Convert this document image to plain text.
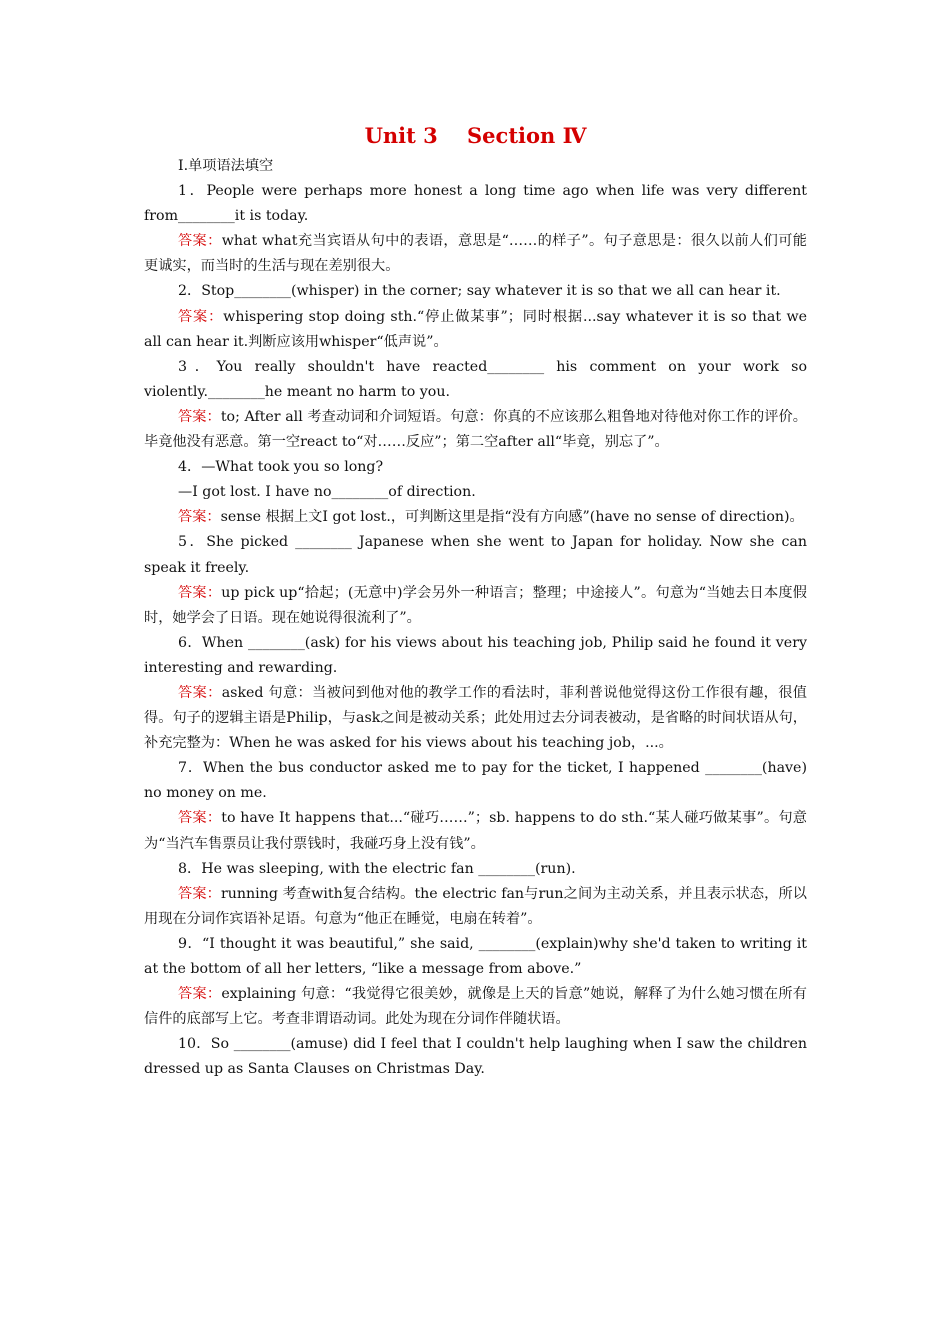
Unit 3    Section Ⅳ
Ⅰ.单项语法填空
1．People were perhaps more honest a long time ago when life was very different from________it is today.
答案：what what充当宾语从句中的表语，意思是“……的样子”。句子意思是：很久以前人们可能更诚实，而当时的生活与现在差别很大。
2．Stop________(whisper) in the corner; say whatever it is so that we all can hear it.
答案：whispering stop doing sth.“停止做某事”；同时根据...say whatever it is so that we all can hear it.判断应该用whisper“低声说”。
3．You really shouldn't have reacted________ his comment on your work so violently.________he meant no harm to you.
答案：to; After all 考查动词和介词短语。句意：你真的不应该那么粗鲁地对待他对你工作的评价。毕竟他没有恶意。第一空react to“对……反应”；第二空after all“毕竟，别忘了”。
4．—What took you so long?
—I got lost. I have no________of direction.
答案：sense 根据上文I got lost.，可判断这里是指“没有方向感”(have no sense of direction)。
5．She picked ________ Japanese when she went to Japan for holiday. Now she can speak it freely.
答案：up pick up“拾起；(无意中)学会另外一种语言；整理；中途接人”。句意为“当她去日本度假时，她学会了日语。现在她说得很流利了”。
6．When ________(ask) for his views about his teaching job, Philip said he found it very interesting and rewarding.
答案：asked 句意：当被问到他对他的教学工作的看法时，菲利普说他觉得这份工作很有趣，很值得。句子的逻辑主语是Philip，与ask之间是被动关系；此处用过去分词表被动，是省略的时间状语从句，补充完整为：When he was asked for his views about his teaching job，...。
7．When the bus conductor asked me to pay for the ticket, I happened ________(have) no money on me.
答案：to have It happens that...“碰巧……”；sb. happens to do sth.“某人碰巧做某事”。句意为“当汽车售票员让我付票钱时，我碰巧身上没有钱”。
8．He was sleeping, with the electric fan ________(run).
答案：running 考查with复合结构。the electric fan与run之间为主动关系，并且表示状态，所以用现在分词作宾语补足语。句意为“他正在睡觉，电扇在转着”。
9．“I thought it was beautiful,” she said, ________(explain)why she'd taken to writing it at the bottom of all her letters, “like a message from above.”
答案：explaining 句意：“我觉得它很美妙，就像是上天的旨意”她说，解释了为什么她习惯在所有信件的底部写上它。考查非谓语动词。此处为现在分词作伴随状语。
10．So ________(amuse) did I feel that I couldn't help laughing when I saw the children dressed up as Santa Clauses on Christmas Day.
